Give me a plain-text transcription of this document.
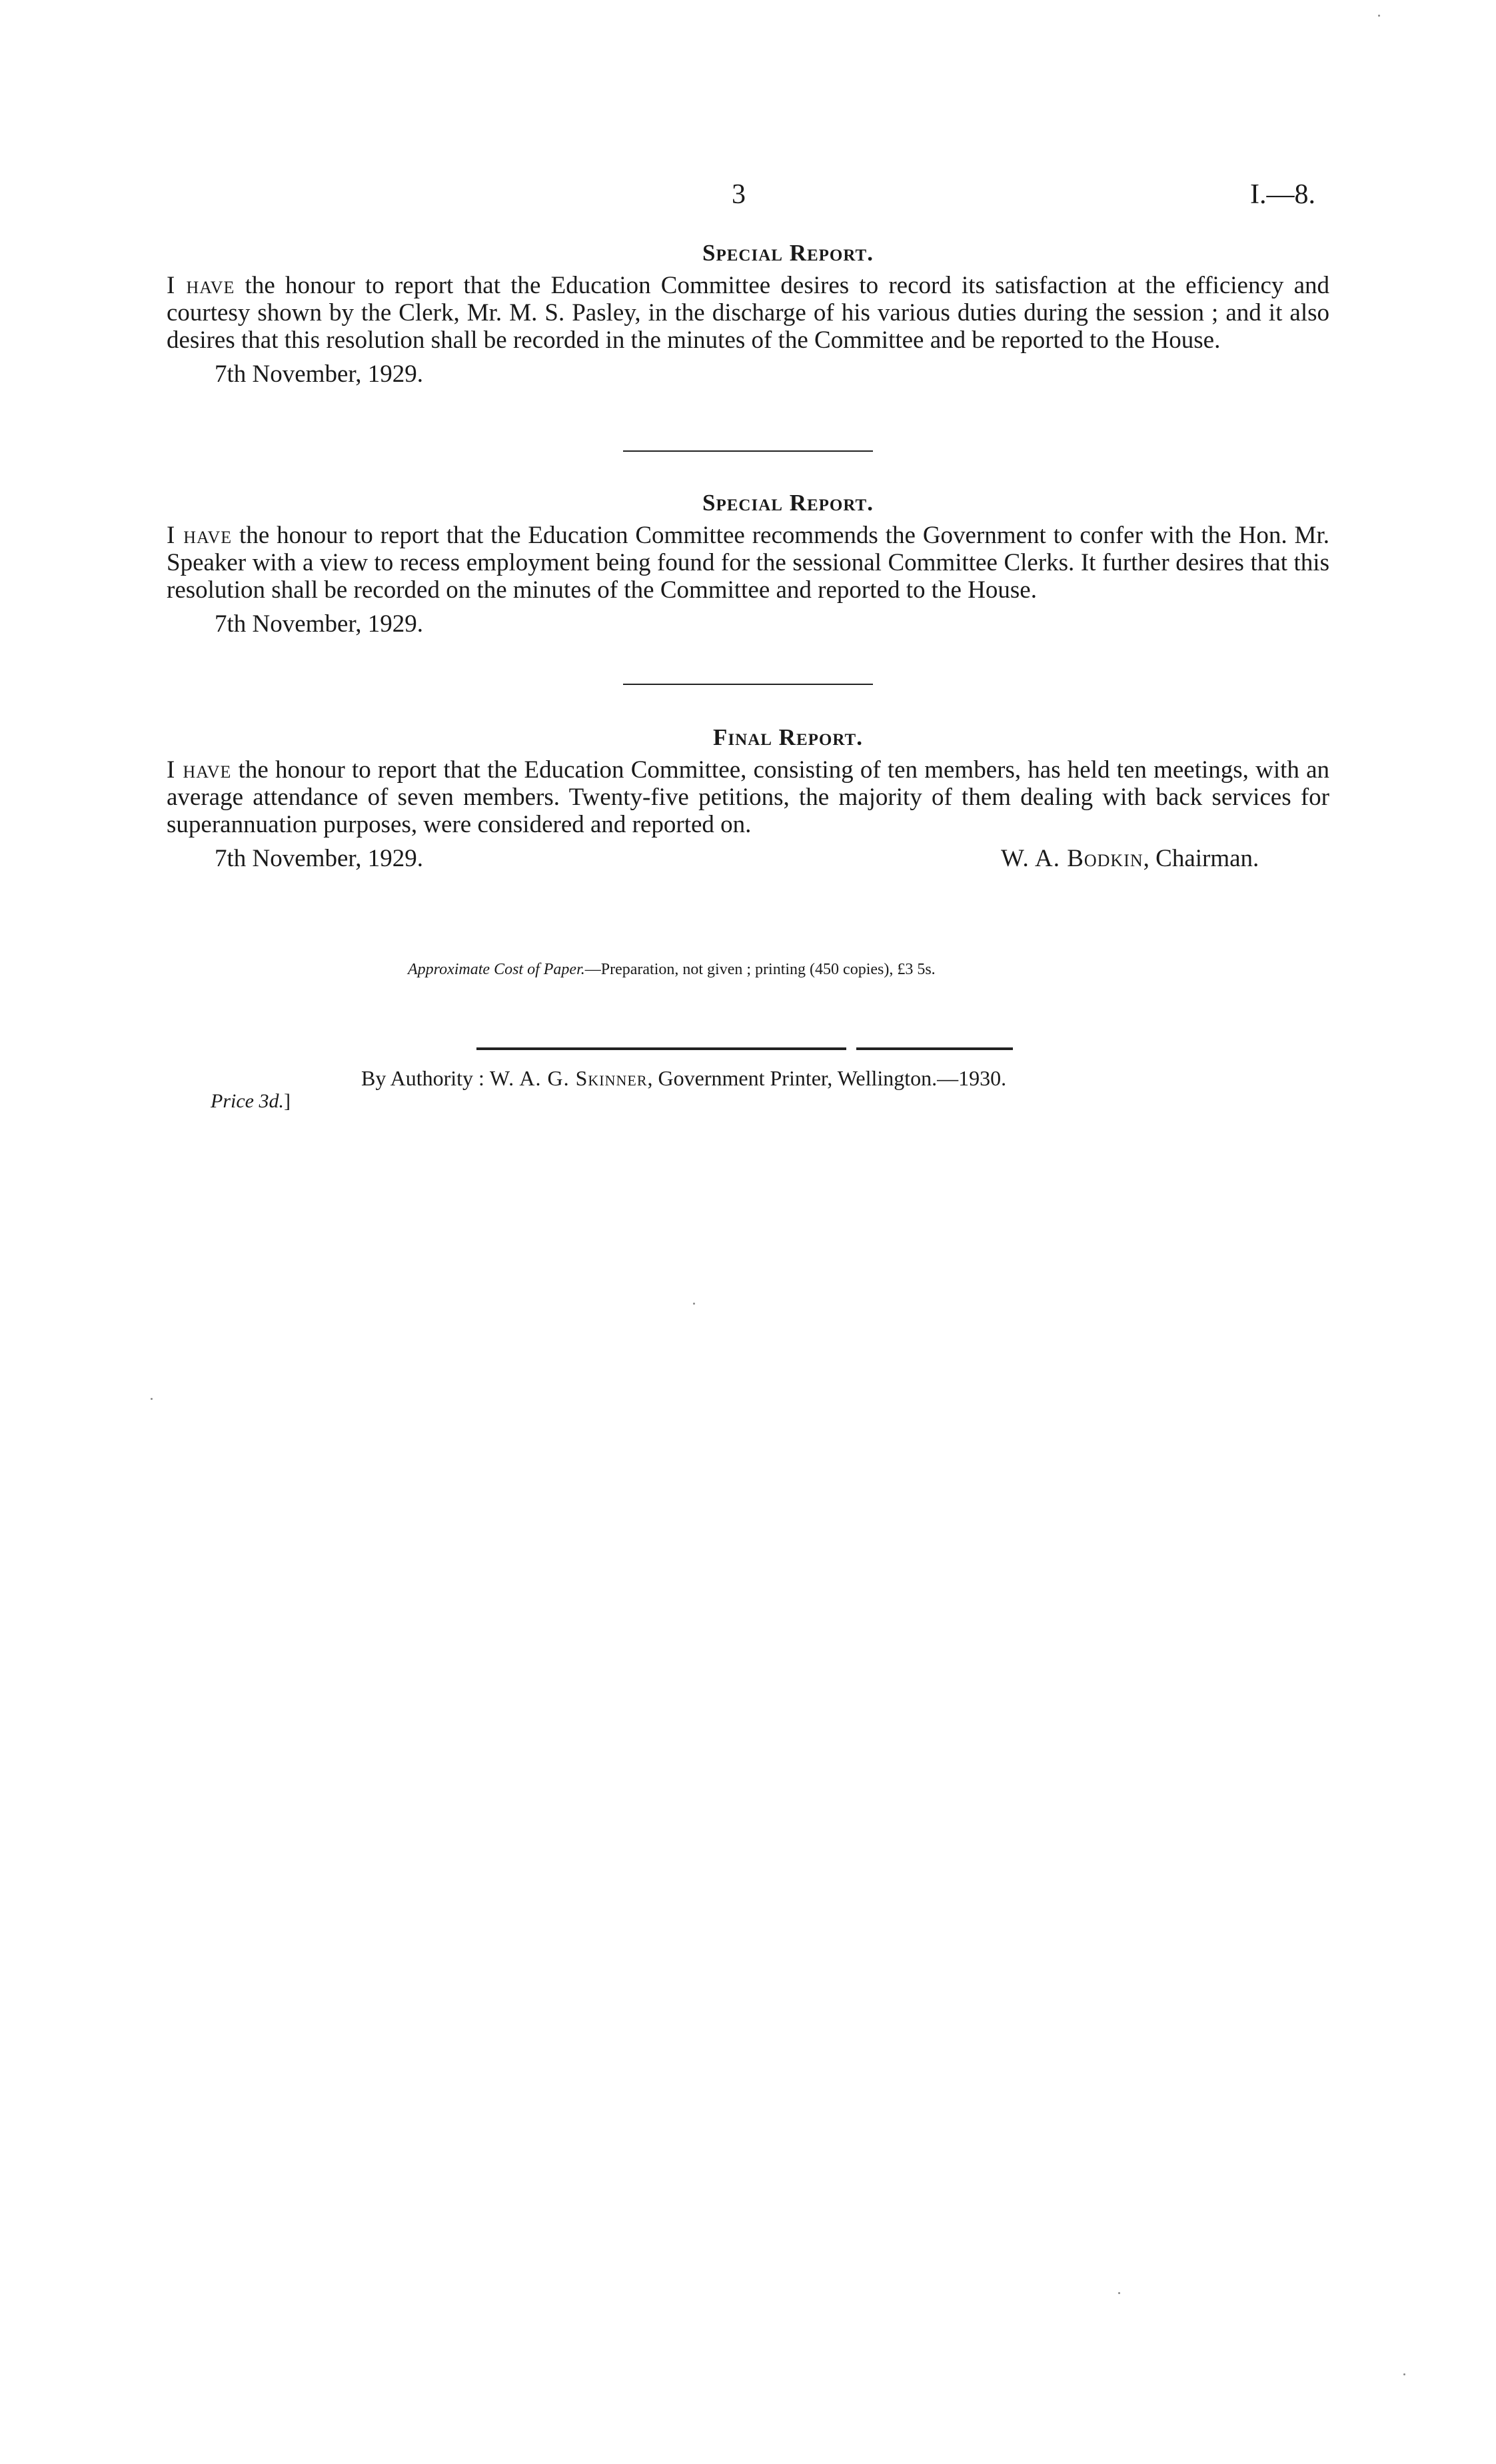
3	I.—8.
Special Report.

I have the honour to report that the Education Committee desires to record its satisfaction at the efficiency and courtesy shown by the Clerk, Mr. M. S. Pasley, in the discharge of his various duties during the session ; and it also desires that this resolution shall be recorded in the minutes of the Committee and be reported to the House.

7th November, 1929.
Special Report.

I have the honour to report that the Education Committee recommends the Government to confer with the Hon. Mr. Speaker with a view to recess employment being found for the sessional Committee Clerks. It further desires that this resolution shall be recorded on the minutes of the Committee and reported to the House.

7th November, 1929.
Final Report.

I have the honour to report that the Education Committee, consisting of ten members, has held ten meetings, with an average attendance of seven members. Twenty-five petitions, the majority of them dealing with back services for superannuation purposes, were considered and reported on.

7th November, 1929.	W. A. Bodkin, Chairman.
Approximate Cost of Paper.—Preparation, not given ; printing (450 copies), £3 5s.
By Authority : W. A. G. Skinner, Government Printer, Wellington.—1930.
Price 3d.]
